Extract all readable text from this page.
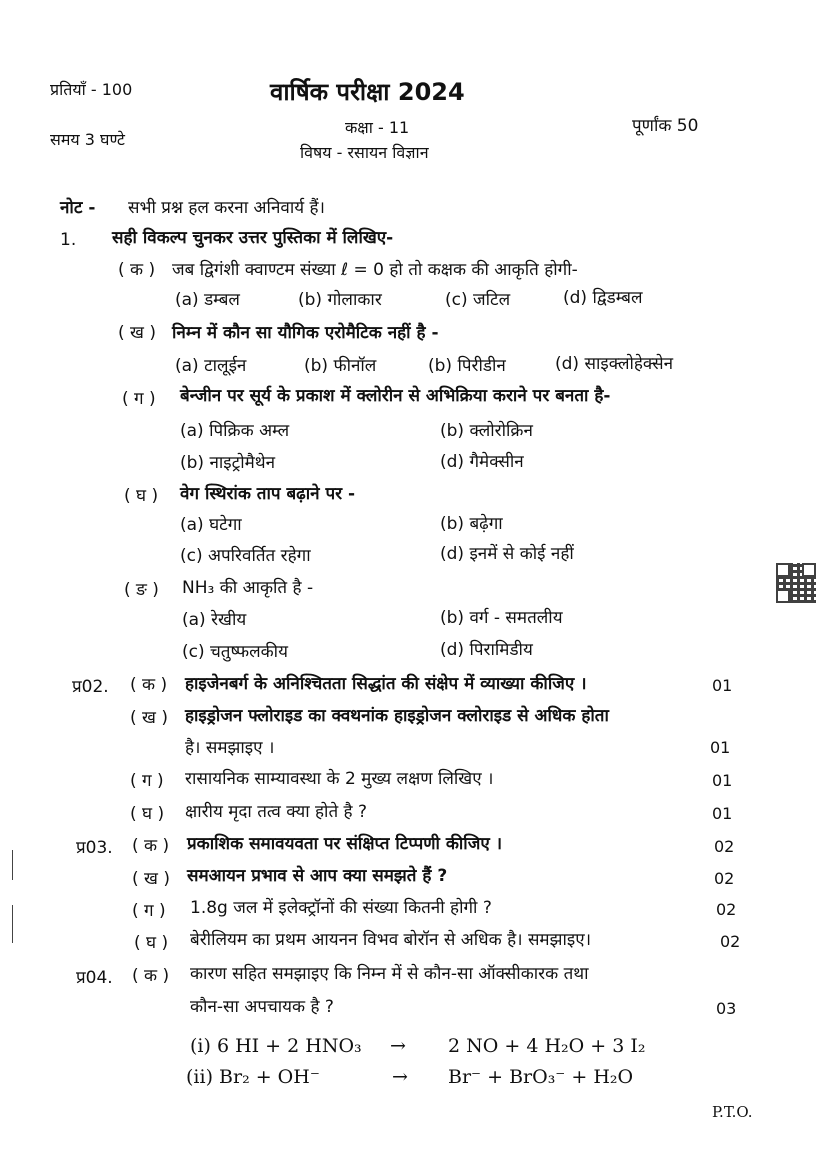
प्रतियाँ - 100	वार्षिक परीक्षा 2024
समय 3 घण्टे
कक्षा - 11	पूर्णांक 50
विषय - रसायन विज्ञान
नोट - सभी प्रश्न हल करना अनिवार्य हैं।
1. सही विकल्प चुनकर उत्तर पुस्तिका में लिखिए-
( क ) जब द्विगंशी क्वाण्टम संख्या ℓ = 0 हो तो कक्षक की आकृति होगी-
(a) डम्बल	(b) गोलाकार	(c) जटिल	(d) द्विडम्बल
( ख ) निम्न में कौन सा यौगिक एरोमैटिक नहीं है -
(a) टालूईन	(b) फीनॉल	(b) पिरीडीन	(d) साइक्लोहेक्सेन
( ग ) बेन्जीन पर सूर्य के प्रकाश में क्लोरीन से अभिक्रिया कराने पर बनता है-
(a) पिक्रिक अम्ल	(b) क्लोरोक्रिन
(b) नाइट्रोमैथेन	(d) गैमेक्सीन
( घ ) वेग स्थिरांक ताप बढ़ाने पर -
(a) घटेगा	(b) बढ़ेगा
(c) अपरिवर्तित रहेगा	(d) इनमें से कोई नहीं
( ङ ) NH₃ की आकृति है -
(a) रेखीय	(b) वर्ग - समतलीय
(c) चतुष्फलकीय	(d) पिरामिडीय
प्र02. ( क ) हाइजेनबर्ग के अनिश्चितता सिद्धांत की संक्षेप में व्याख्या कीजिए ।	01
( ख ) हाइड्रोजन फ्लोराइड का क्वथनांक हाइड्रोजन क्लोराइड से अधिक होता
है। समझाइए ।	01
( ग ) रासायनिक साम्यावस्था के 2 मुख्य लक्षण लिखिए ।	01
( घ ) क्षारीय मृदा तत्व क्या होते है ?	01
प्र03. ( क ) प्रकाशिक समावयवता पर संक्षिप्त टिप्पणी कीजिए ।	02
( ख ) समआयन प्रभाव से आप क्या समझते हैं ?	02
( ग ) 1.8g जल में इलेक्ट्रॉनों की संख्या कितनी होगी ?	02
( घ ) बेरीलियम का प्रथम आयनन विभव बोरॉन से अधिक है। समझाइए।	02
प्र04. ( क ) कारण सहित समझाइए कि निम्न में से कौन-सा ऑक्सीकारक तथा
कौन-सा अपचायक है ?	03
(i) 6 HI + 2 HNO₃ → 2 NO + 4 H₂O + 3 I₂
(ii) Br₂ + OH⁻	→ Br⁻ + BrO₃⁻ + H₂O
P.T.O.
